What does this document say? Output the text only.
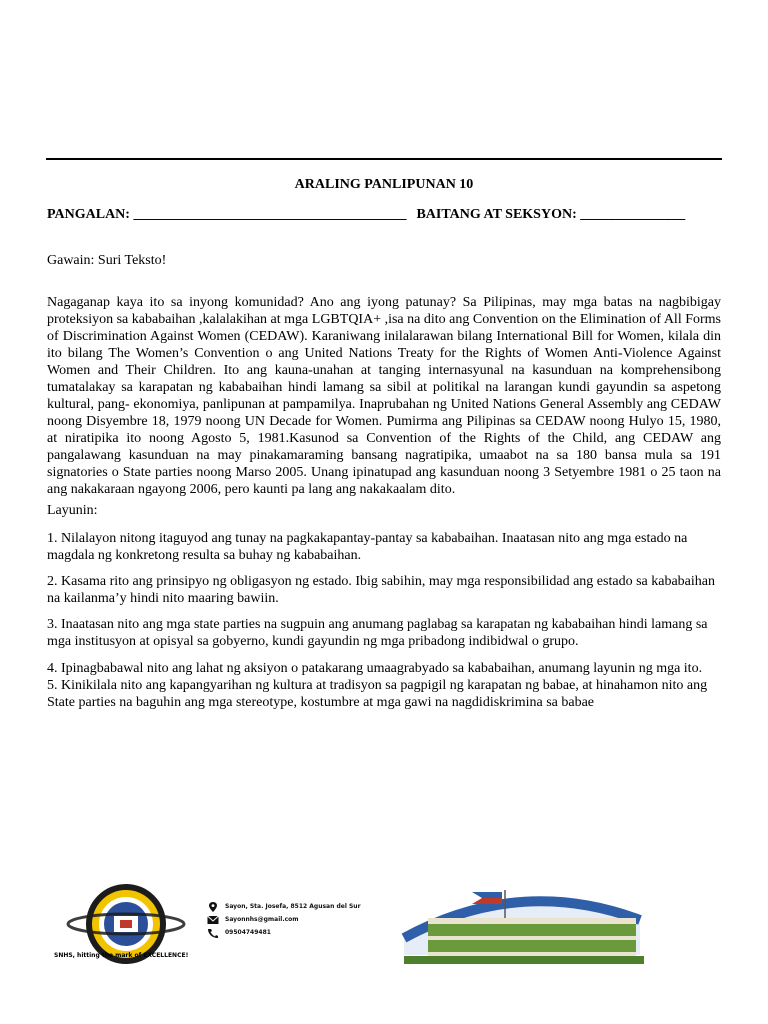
ARALING PANLIPUNAN 10
PANGALAN: _______________________________________ BAITANG AT SEKSYON: _______________
Gawain: Suri Teksto!
Nagaganap kaya ito sa inyong komunidad? Ano ang iyong patunay? Sa Pilipinas, may mga batas na nagbibigay proteksiyon sa kababaihan ,kalalakihan at mga LGBTQIA+ ,isa na dito ang Convention on the Elimination of All Forms of Discrimination Against Women (CEDAW). Karaniwang inilalarawan bilang International Bill for Women, kilala din ito bilang The Women’s Convention o ang United Nations Treaty for the Rights of Women Anti-Violence Against Women and Their Children. Ito ang kauna-unahan at tanging internasyunal na kasunduan na komprehensibong tumatalakay sa karapatan ng kababaihan hindi lamang sa sibil at politikal na larangan kundi gayundin sa aspetong kultural, pang- ekonomiya, panlipunan at pampamilya. Inaprubahan ng United Nations General Assembly ang CEDAW noong Disyembre 18, 1979 noong UN Decade for Women. Pumirma ang Pilipinas sa CEDAW noong Hulyo 15, 1980, at niratipika ito noong Agosto 5, 1981.Kasunod sa Convention of the Rights of the Child, ang CEDAW ang pangalawang kasunduan na may pinakamaraming bansang nagratipika, umaabot na sa 180 bansa mula sa 191 signatories o State parties noong Marso 2005. Unang ipinatupad ang kasunduan noong 3 Setyembre 1981 o 25 taon na ang nakakaraan ngayong 2006, pero kaunti pa lang ang nakakaalam dito.
Layunin:
1. Nilalayon nitong itaguyod ang tunay na pagkakapantay-pantay sa kababaihan. Inaatasan nito ang mga estado na magdala ng konkretong resulta sa buhay ng kababaihan.
2. Kasama rito ang prinsipyo ng obligasyon ng estado. Ibig sabihin, may mga responsibilidad ang estado sa kababaihan na kailanma’y hindi nito maaring bawiin.
3. Inaatasan nito ang mga state parties na sugpuin ang anumang paglabag sa karapatan ng kababaihan hindi lamang sa mga institusyon at opisyal sa gobyerno, kundi gayundin ng mga pribadong indibidwal o grupo.
4. Ipinagbabawal nito ang lahat ng aksiyon o patakarang umaagrabyado sa kababaihan, anumang layunin ng mga ito.
5. Kinikilala nito ang kapangyarihan ng kultura at tradisyon sa pagpigil ng karapatan ng babae, at hinahamon nito ang State parties na baguhin ang mga stereotype, kostumbre at mga gawi na nagdidiskrimina sa babae
Sayon, Sta. Josefa, 8512 Agusan del Sur
Sayonnhs@gmail.com
09504749481
SNHS, hitting the mark of EXCELLENCE!
